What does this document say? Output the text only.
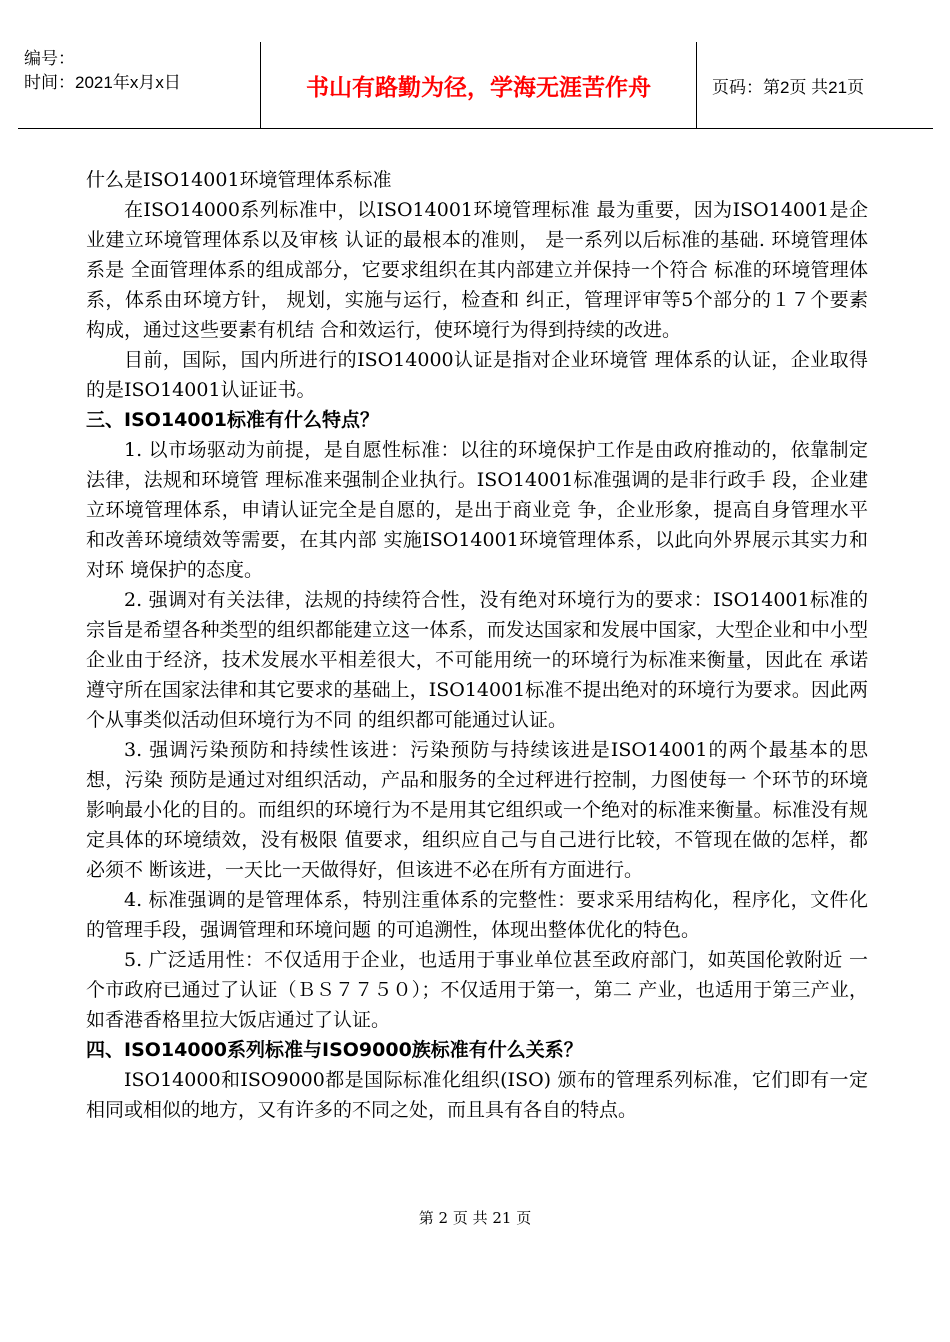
编号：
时间：2021年x月x日	书山有路勤为径，学海无涯苦作舟	页码：第2页 共21页

什么是ISO14001环境管理体系标准

在ISO14000系列标准中，以ISO14001环境管理标准 最为重要，因为ISO14001是企业建立环境管理体系以及审核 认证的最根本的准则， 是一系列以后标准的基础. 环境管理体系是 全面管理体系的组成部分，它要求组织在其内部建立并保持一个符合 标准的环境管理体系，体系由环境方针， 规划，实施与运行，检查和 纠正，管理评审等5个部分的１７个要素构成，通过这些要素有机结 合和效运行，使环境行为得到持续的改进。

目前，国际，国内所进行的ISO14000认证是指对企业环境管 理体系的认证，企业取得的是ISO14001认证证书。

三、ISO14001标准有什么特点？

1. 以市场驱动为前提，是自愿性标准：以往的环境保护工作是由政府推动的，依靠制定法律，法规和环境管 理标准来强制企业执行。ISO14001标准强调的是非行政手 段，企业建立环境管理体系，申请认证完全是自愿的，是出于商业竞 争，企业形象，提高自身管理水平和改善环境绩效等需要，在其内部 实施ISO14001环境管理体系，以此向外界展示其实力和对环 境保护的态度。

2. 强调对有关法律，法规的持续符合性，没有绝对环境行为的要求：ISO14001标准的宗旨是希望各种类型的组织都能建立这一体系，而发达国家和发展中国家，大型企业和中小型企业由于经济，技术发展水平相差很大，不可能用统一的环境行为标准来衡量，因此在 承诺遵守所在国家法律和其它要求的基础上，ISO14001标准不提出绝对的环境行为要求。因此两个从事类似活动但环境行为不同 的组织都可能通过认证。

3. 强调污染预防和持续性该进：污染预防与持续该进是ISO14001的两个最基本的思想，污染 预防是通过对组织活动，产品和服务的全过秤进行控制，力图使每一 个环节的环境影响最小化的目的。而组织的环境行为不是用其它组织或一个绝对的标准来衡量。标准没有规定具体的环境绩效，没有极限 值要求，组织应自己与自己进行比较，不管现在做的怎样，都必须不 断该进，一天比一天做得好，但该进不必在所有方面进行。

4. 标准强调的是管理体系，特别注重体系的完整性：要求采用结构化，程序化，文件化的管理手段，强调管理和环境问题 的可追溯性，体现出整体优化的特色。

5. 广泛适用性：不仅适用于企业，也适用于事业单位甚至政府部门，如英国伦敦附近 一个市政府已通过了认证（ＢＳ７７５０）；不仅适用于第一，第二 产业，也适用于第三产业，如香港香格里拉大饭店通过了认证。

四、ISO14000系列标准与ISO9000族标准有什么关系？

ISO14000和ISO9000都是国际标准化组织(ISO) 颁布的管理系列标准，它们即有一定相同或相似的地方，又有许多的不同之处，而且具有各自的特点。

第 2 页 共 21 页
